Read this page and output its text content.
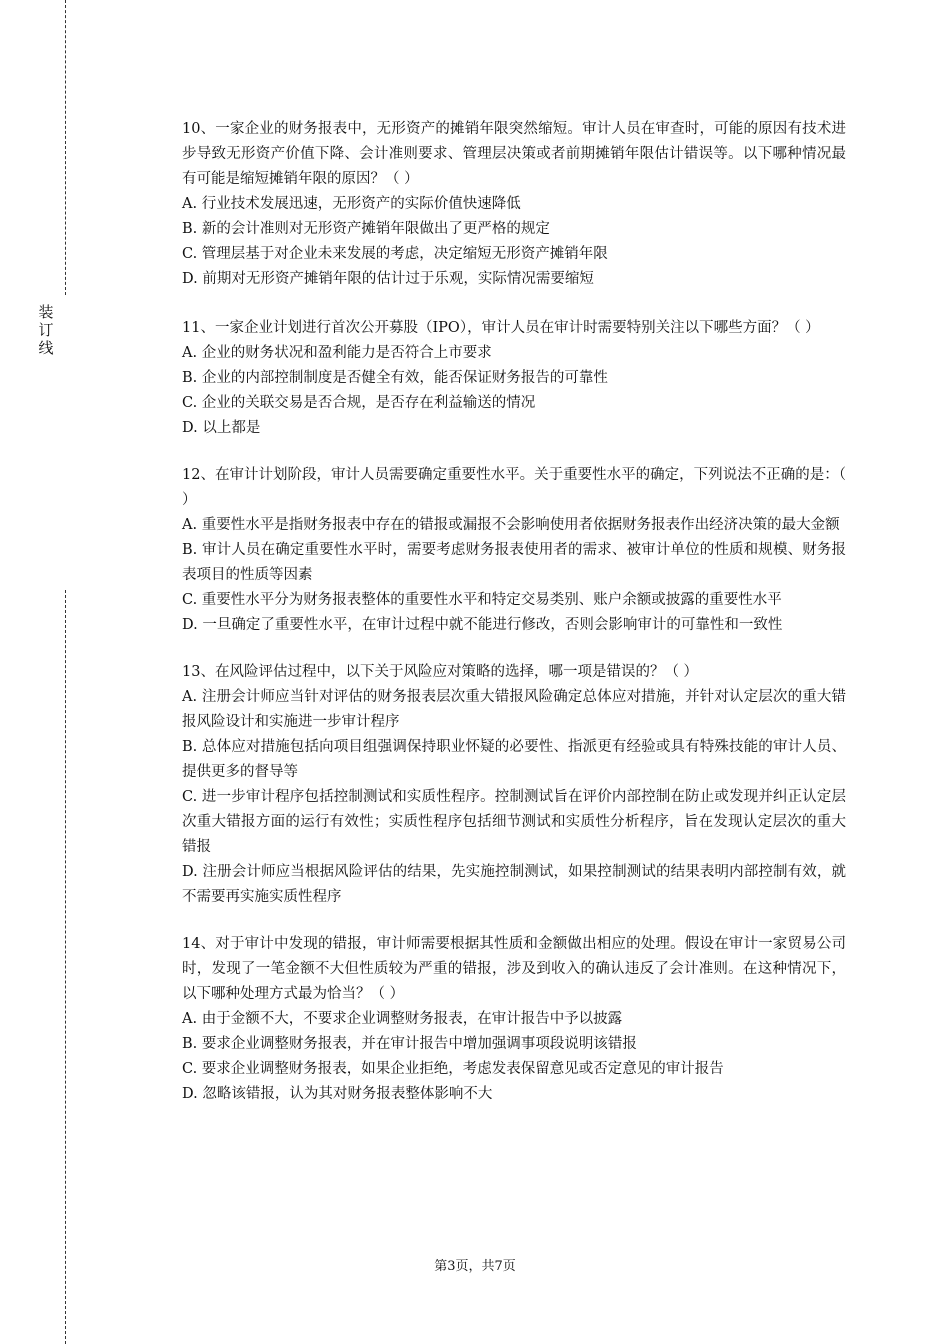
装订线

10、一家企业的财务报表中，无形资产的摊销年限突然缩短。审计人员在审查时，可能的原因有技术进步导致无形资产价值下降、会计准则要求、管理层决策或者前期摊销年限估计错误等。以下哪种情况最有可能是缩短摊销年限的原因？（ ）

A. 行业技术发展迅速，无形资产的实际价值快速降低

B. 新的会计准则对无形资产摊销年限做出了更严格的规定

C. 管理层基于对企业未来发展的考虑，决定缩短无形资产摊销年限

D. 前期对无形资产摊销年限的估计过于乐观，实际情况需要缩短

11、一家企业计划进行首次公开募股（IPO），审计人员在审计时需要特别关注以下哪些方面？（ ）

A. 企业的财务状况和盈利能力是否符合上市要求

B. 企业的内部控制制度是否健全有效，能否保证财务报告的可靠性

C. 企业的关联交易是否合规，是否存在利益输送的情况

D. 以上都是

12、在审计计划阶段，审计人员需要确定重要性水平。关于重要性水平的确定，下列说法不正确的是：（ ）

A. 重要性水平是指财务报表中存在的错报或漏报不会影响使用者依据财务报表作出经济决策的最大金额

B. 审计人员在确定重要性水平时，需要考虑财务报表使用者的需求、被审计单位的性质和规模、财务报表项目的性质等因素

C. 重要性水平分为财务报表整体的重要性水平和特定交易类别、账户余额或披露的重要性水平

D. 一旦确定了重要性水平，在审计过程中就不能进行修改，否则会影响审计的可靠性和一致性

13、在风险评估过程中，以下关于风险应对策略的选择，哪一项是错误的？（ ）

A. 注册会计师应当针对评估的财务报表层次重大错报风险确定总体应对措施，并针对认定层次的重大错报风险设计和实施进一步审计程序

B. 总体应对措施包括向项目组强调保持职业怀疑的必要性、指派更有经验或具有特殊技能的审计人员、提供更多的督导等

C. 进一步审计程序包括控制测试和实质性程序。控制测试旨在评价内部控制在防止或发现并纠正认定层次重大错报方面的运行有效性；实质性程序包括细节测试和实质性分析程序，旨在发现认定层次的重大错报

D. 注册会计师应当根据风险评估的结果，先实施控制测试，如果控制测试的结果表明内部控制有效，就不需要再实施实质性程序

14、对于审计中发现的错报，审计师需要根据其性质和金额做出相应的处理。假设在审计一家贸易公司时，发现了一笔金额不大但性质较为严重的错报，涉及到收入的确认违反了会计准则。在这种情况下，以下哪种处理方式最为恰当？（ ）

A. 由于金额不大，不要求企业调整财务报表，在审计报告中予以披露

B. 要求企业调整财务报表，并在审计报告中增加强调事项段说明该错报

C. 要求企业调整财务报表，如果企业拒绝，考虑发表保留意见或否定意见的审计报告

D. 忽略该错报，认为其对财务报表整体影响不大

第3页，共7页
